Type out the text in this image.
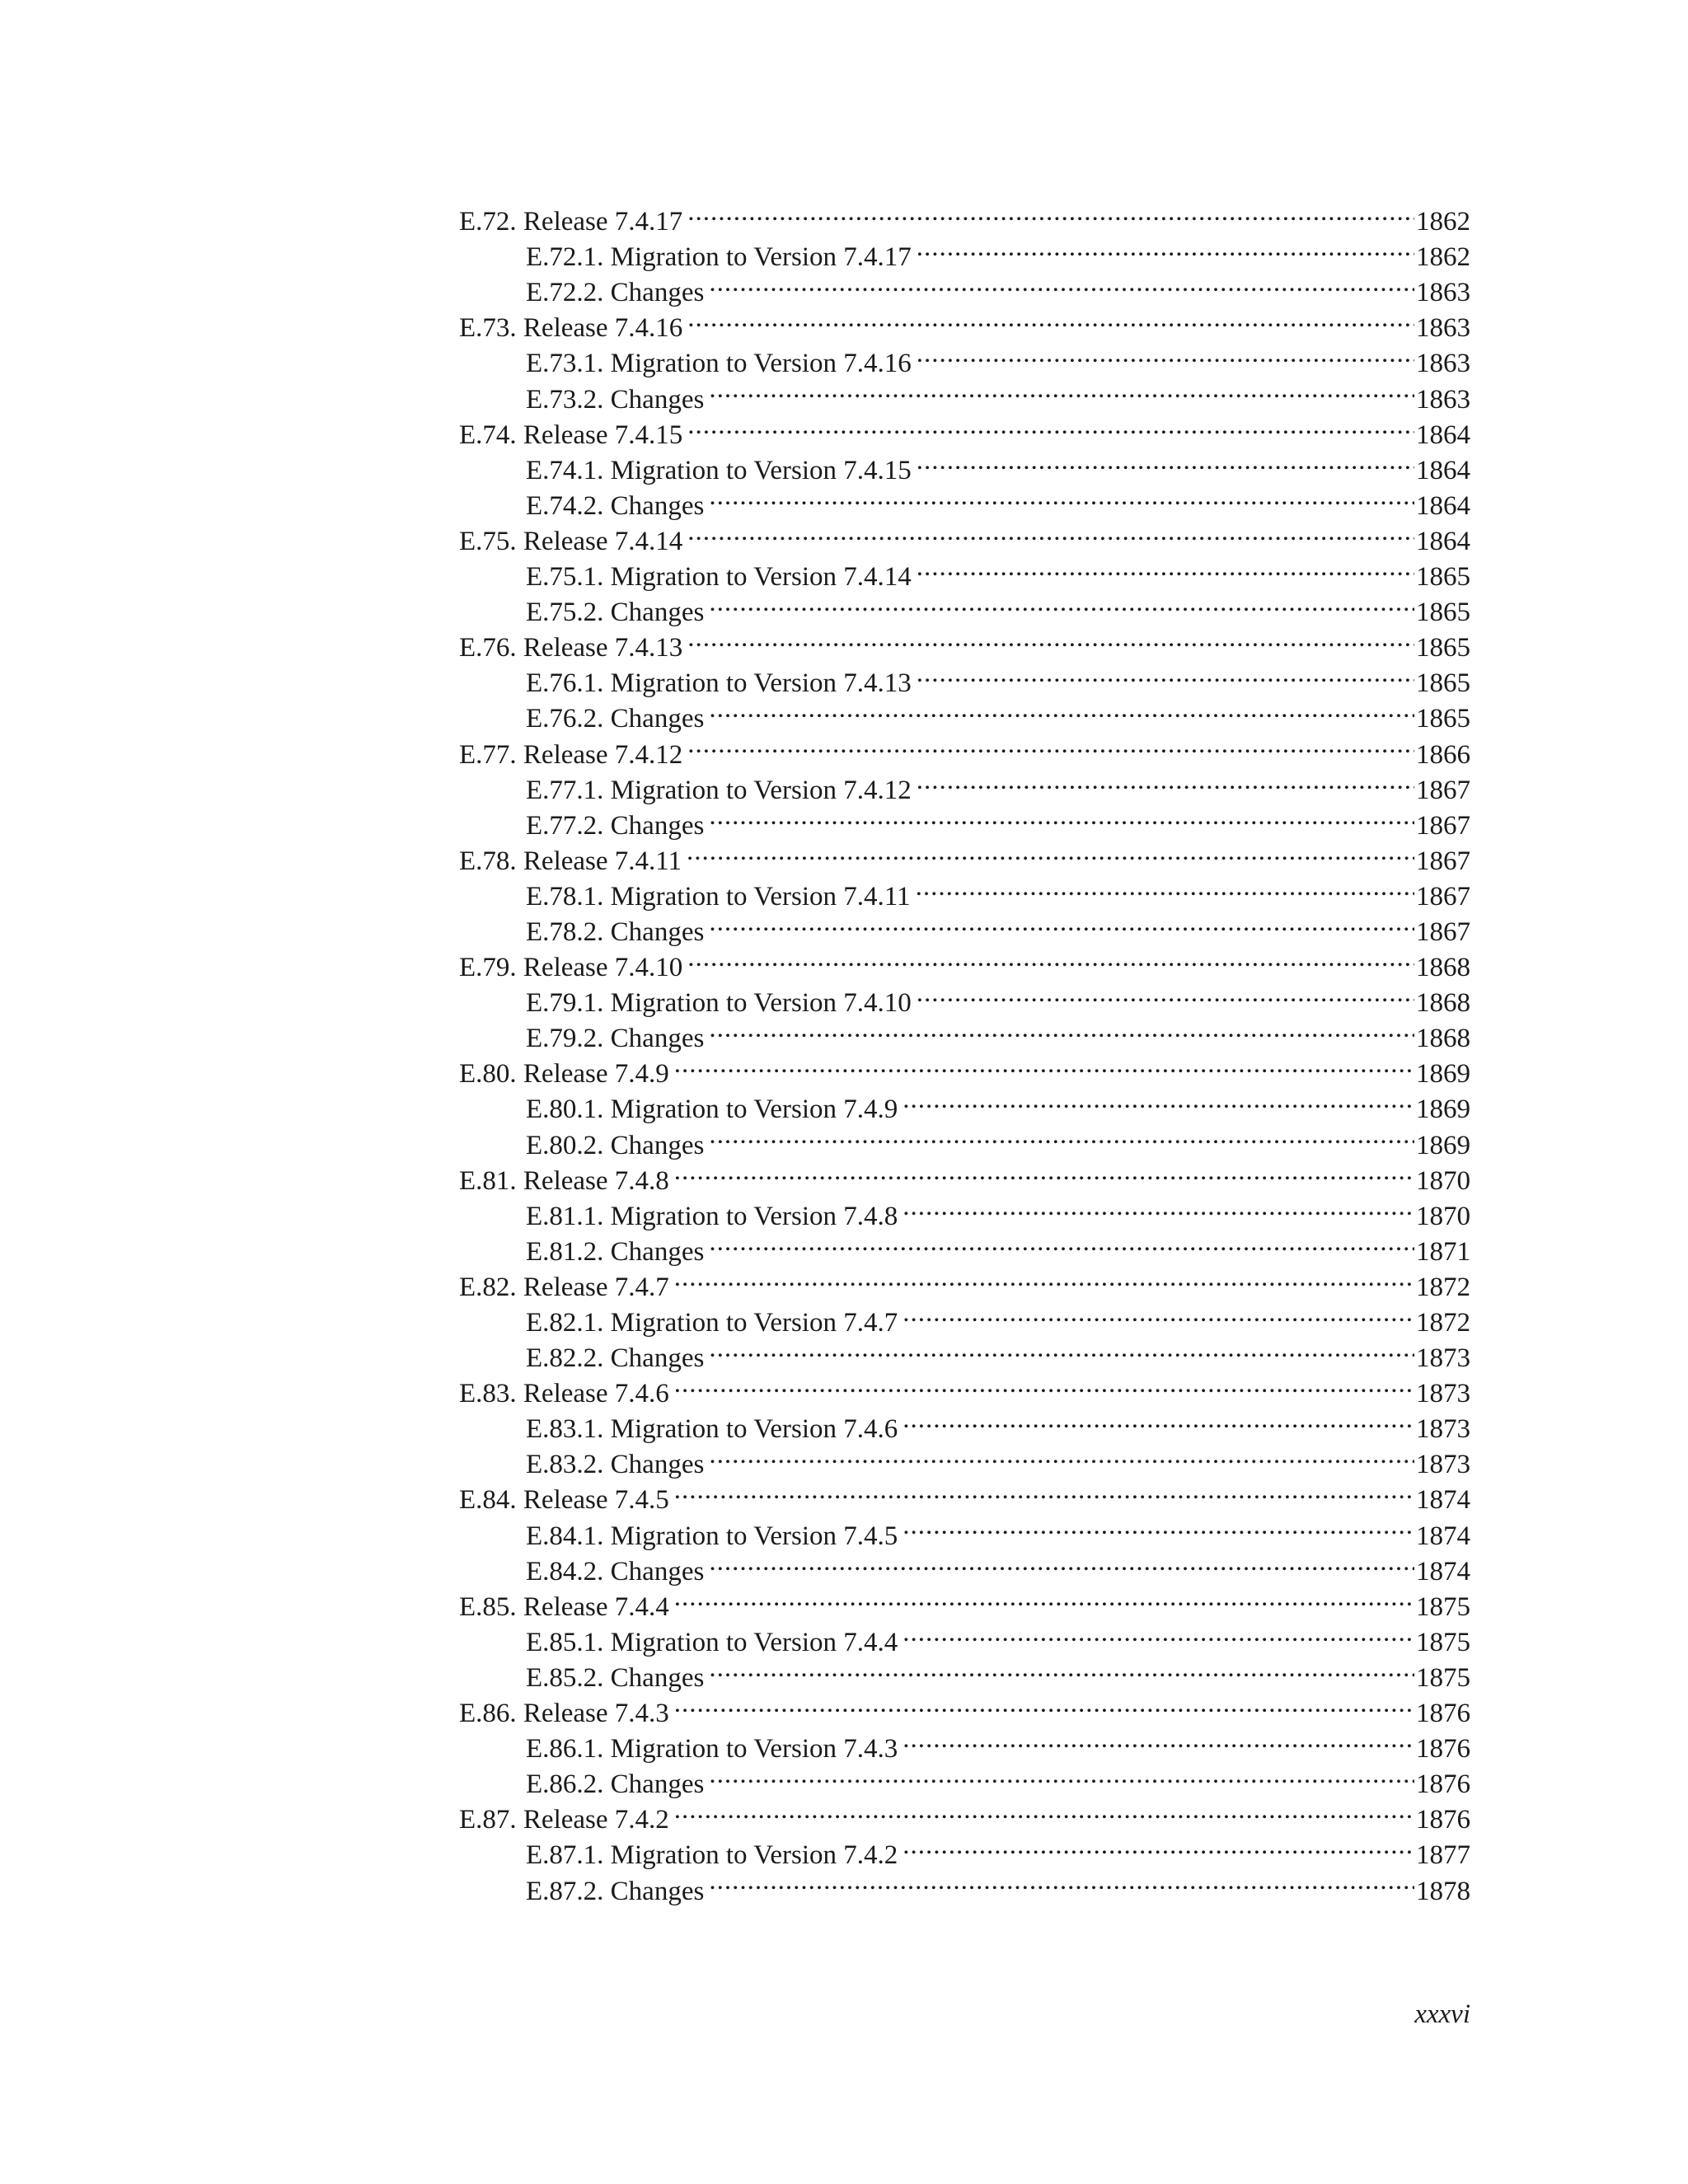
E.72. Release 7.4.17 .....	1862
E.72.1. Migration to Version 7.4.17 .....	1862
E.72.2. Changes .....	1863
E.73. Release 7.4.16 .....	1863
E.73.1. Migration to Version 7.4.16 .....	1863
E.73.2. Changes .....	1863
E.74. Release 7.4.15 .....	1864
E.74.1. Migration to Version 7.4.15 .....	1864
E.74.2. Changes .....	1864
E.75. Release 7.4.14 .....	1864
E.75.1. Migration to Version 7.4.14 .....	1865
E.75.2. Changes .....	1865
E.76. Release 7.4.13 .....	1865
E.76.1. Migration to Version 7.4.13 .....	1865
E.76.2. Changes .....	1865
E.77. Release 7.4.12 .....	1866
E.77.1. Migration to Version 7.4.12 .....	1867
E.77.2. Changes .....	1867
E.78. Release 7.4.11 .....	1867
E.78.1. Migration to Version 7.4.11 .....	1867
E.78.2. Changes .....	1867
E.79. Release 7.4.10 .....	1868
E.79.1. Migration to Version 7.4.10 .....	1868
E.79.2. Changes .....	1868
E.80. Release 7.4.9 .....	1869
E.80.1. Migration to Version 7.4.9 .....	1869
E.80.2. Changes .....	1869
E.81. Release 7.4.8 .....	1870
E.81.1. Migration to Version 7.4.8 .....	1870
E.81.2. Changes .....	1871
E.82. Release 7.4.7 .....	1872
E.82.1. Migration to Version 7.4.7 .....	1872
E.82.2. Changes .....	1873
E.83. Release 7.4.6 .....	1873
E.83.1. Migration to Version 7.4.6 .....	1873
E.83.2. Changes .....	1873
E.84. Release 7.4.5 .....	1874
E.84.1. Migration to Version 7.4.5 .....	1874
E.84.2. Changes .....	1874
E.85. Release 7.4.4 .....	1875
E.85.1. Migration to Version 7.4.4 .....	1875
E.85.2. Changes .....	1875
E.86. Release 7.4.3 .....	1876
E.86.1. Migration to Version 7.4.3 .....	1876
E.86.2. Changes .....	1876
E.87. Release 7.4.2 .....	1876
E.87.1. Migration to Version 7.4.2 .....	1877
E.87.2. Changes .....	1878
xxxvi
